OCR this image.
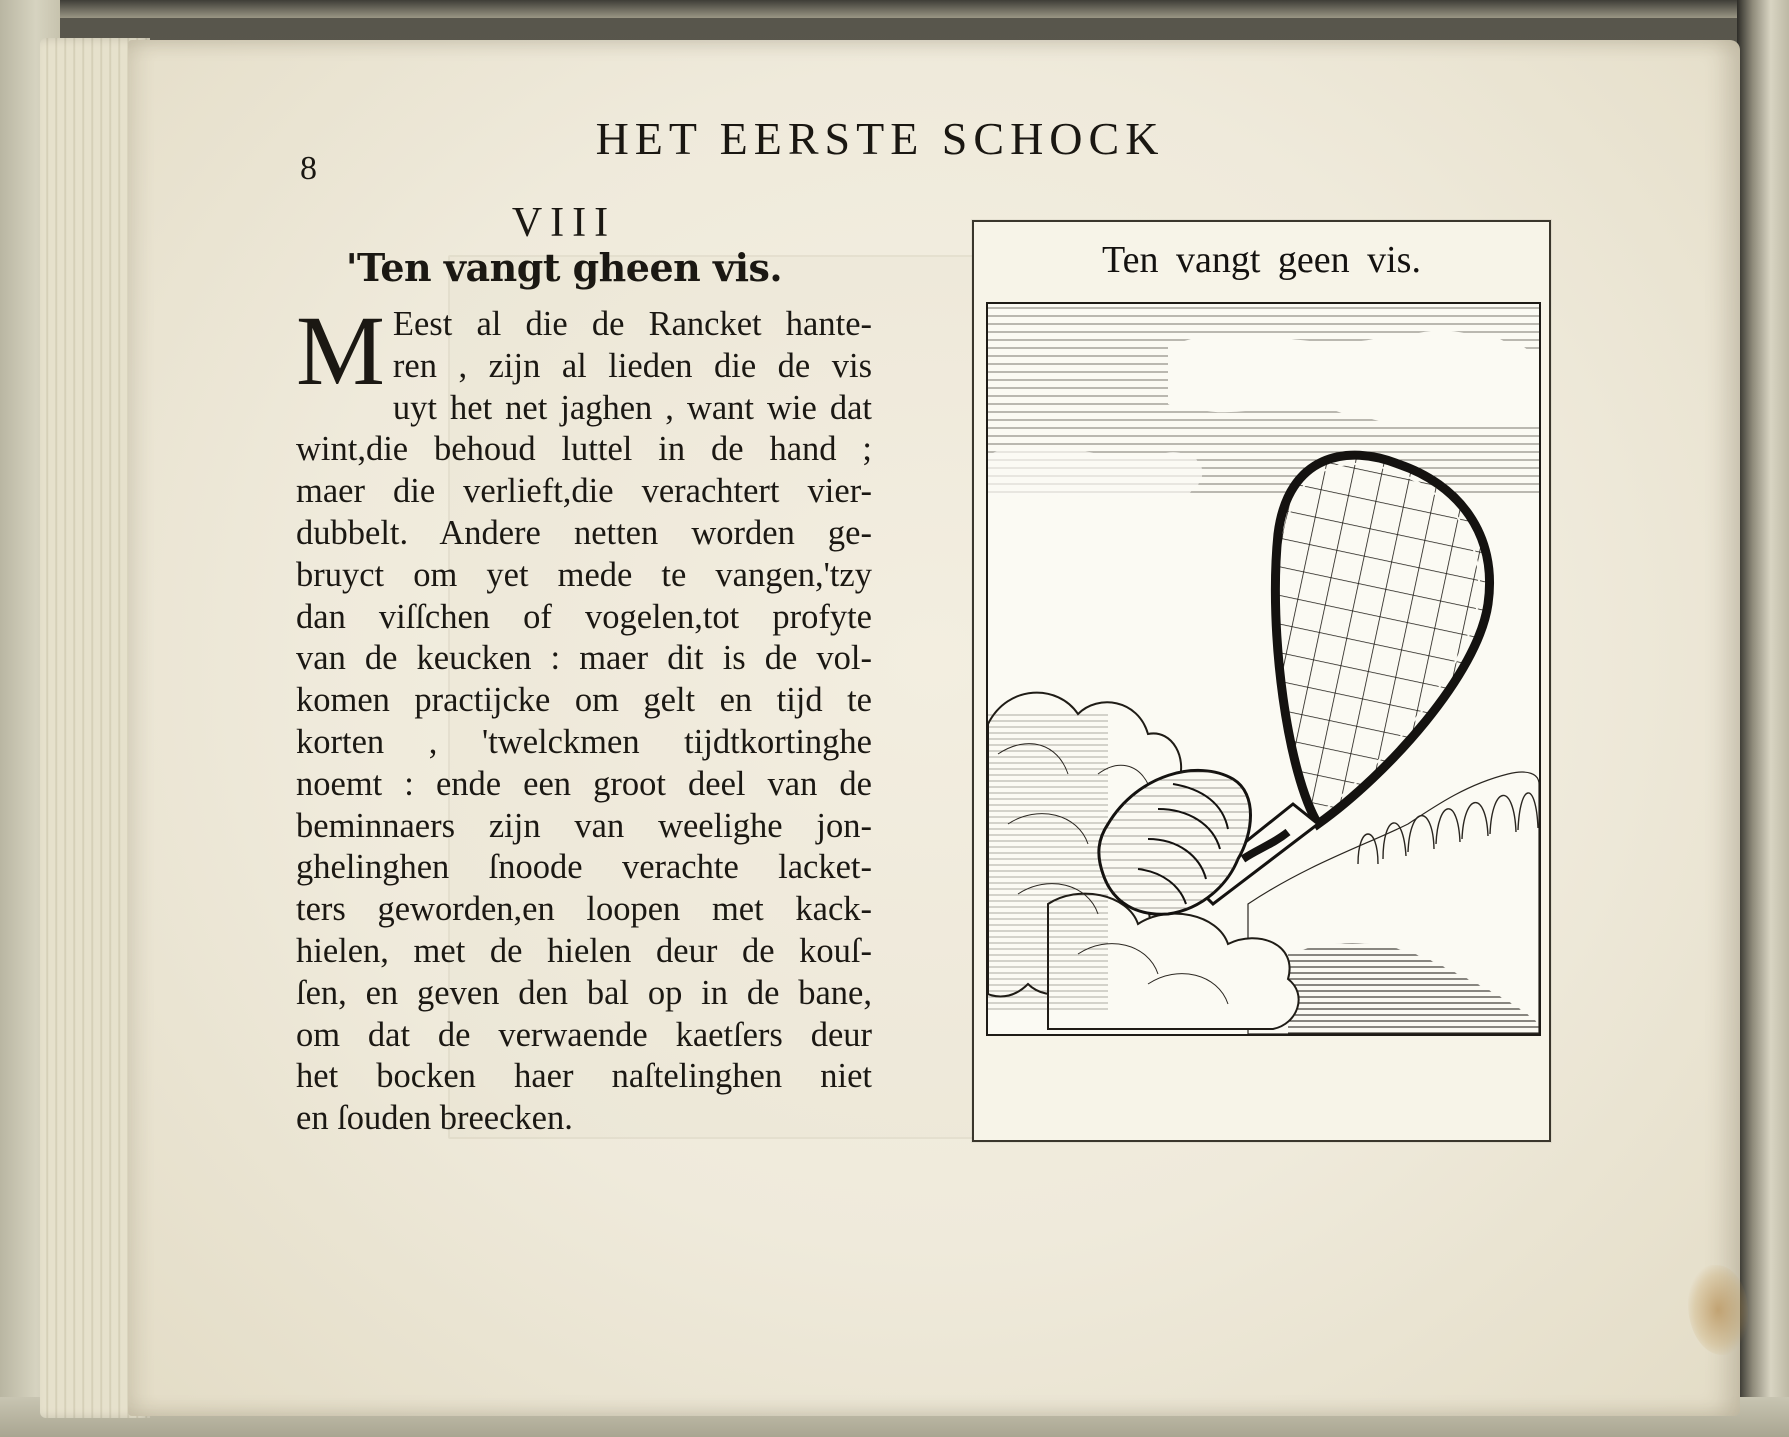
8
HET EERSTE SCHOCK
VIII
'Ten vangt gheen vis.
M Eest al die de Rancket hante-
ren , zijn al lieden die de vis
uyt het net jaghen , want wie dat
wint,die behoud luttel in de hand ;
maer die verlieft,die verachtert vier-
dubbelt. Andere netten worden ge-
bruyct om yet mede te vangen,'tzy
dan viſſchen of vogelen,tot profyte
van de keucken : maer dit is de vol-
komen practijcke om gelt en tijd te
korten , 'twelckmen tijdtkortinghe
noemt : ende een groot deel van de
beminnaers zijn van weelighe jon-
ghelinghen ſnoode verachte lacket-
ters geworden,en loopen met kack-
hielen, met de hielen deur de kouſ-
ſen, en geven den bal op in de bane,
om dat de verwaende kaetſers deur
het bocken haer naſtelinghen niet
en ſouden breecken.
Ten vangt geen vis.
